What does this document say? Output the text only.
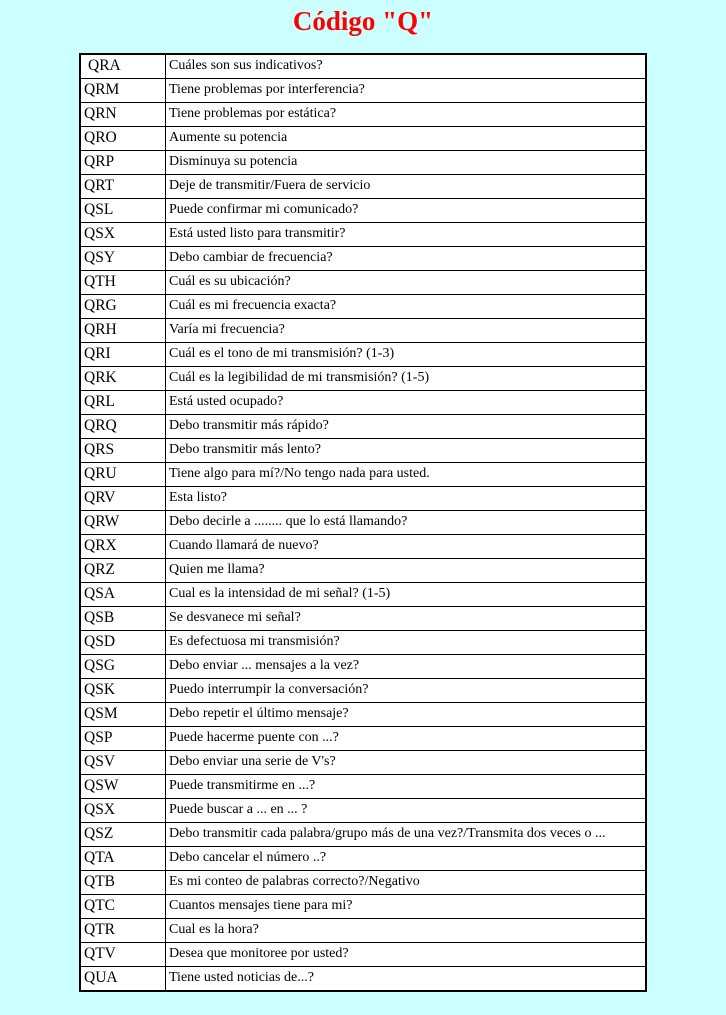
Código "Q"
QRA	Cuáles son sus indicativos?
QRM	Tiene problemas por interferencia?
QRN	Tiene problemas por estática?
QRO	Aumente su potencia
QRP	Disminuya su potencia
QRT	Deje de transmitir/Fuera de servicio
QSL	Puede confirmar mi comunicado?
QSX	Está usted listo para transmitir?
QSY	Debo cambiar de frecuencia?
QTH	Cuál es su ubicación?
QRG	Cuál es mi frecuencia exacta?
QRH	Varía mi frecuencia?
QRI	Cuál es el tono de mi transmisión? (1-3)
QRK	Cuál es la legibilidad de mi transmisión? (1-5)
QRL	Está usted ocupado?
QRQ	Debo transmitir más rápido?
QRS	Debo transmitir más lento?
QRU	Tiene algo para mí?/No tengo nada para usted.
QRV	Esta listo?
QRW	Debo decirle a ........ que lo está llamando?
QRX	Cuando llamará de nuevo?
QRZ	Quien me llama?
QSA	Cual es la intensidad de mi señal? (1-5)
QSB	Se desvanece mi señal?
QSD	Es defectuosa mi transmisión?
QSG	Debo enviar ... mensajes a la vez?
QSK	Puedo interrumpir la conversación?
QSM	Debo repetir el último mensaje?
QSP	Puede hacerme puente con ...?
QSV	Debo enviar una serie de V's?
QSW	Puede transmitirme en ...?
QSX	Puede buscar a ... en ... ?
QSZ	Debo transmitir cada palabra/grupo más de una vez?/Transmita dos veces o ...
QTA	Debo cancelar el número ..?
QTB	Es mi conteo de palabras correcto?/Negativo
QTC	Cuantos mensajes tiene para mi?
QTR	Cual es la hora?
QTV	Desea que monitoree por usted?
QUA	Tiene usted noticias de...?
